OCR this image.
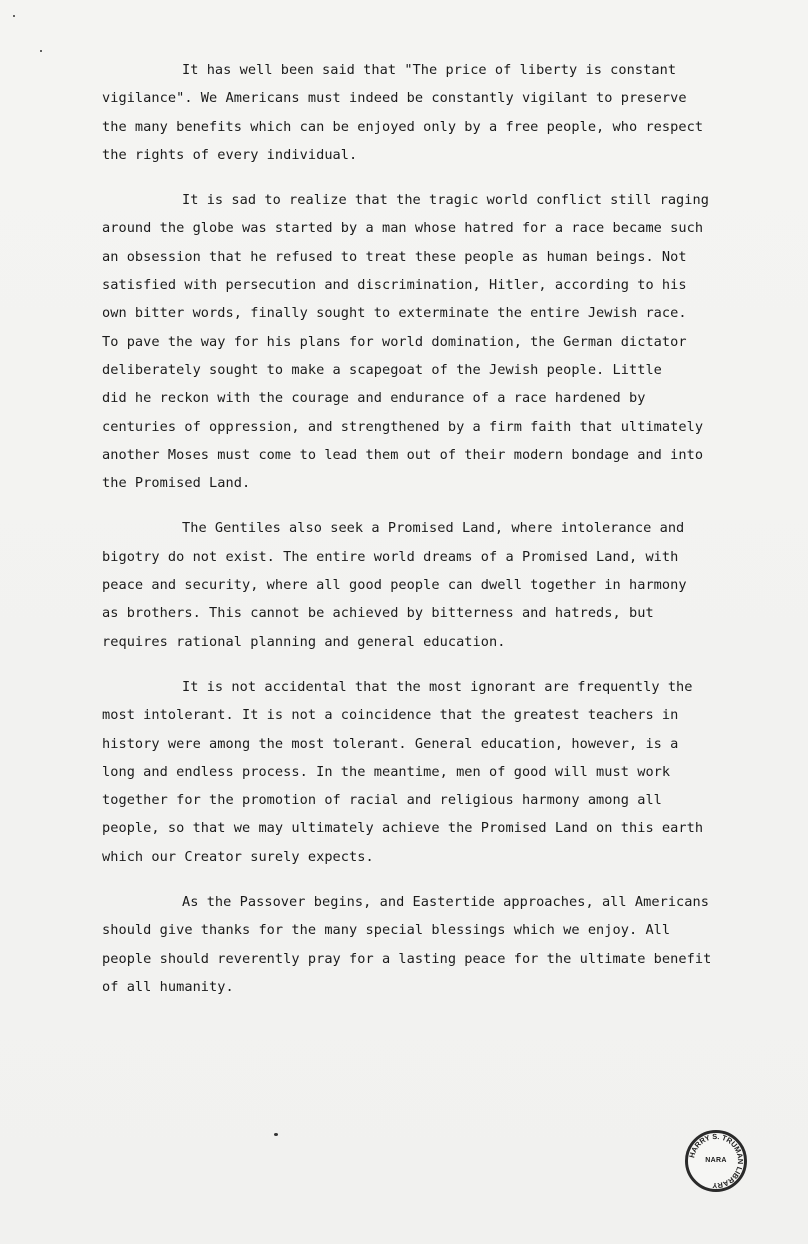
It has well been said that "The price of liberty is constant
vigilance". We Americans must indeed be constantly vigilant to preserve
the many benefits which can be enjoyed only by a free people, who respect
the rights of every individual.

It is sad to realize that the tragic world conflict still raging
around the globe was started by a man whose hatred for a race became such
an obsession that he refused to treat these people as human beings. Not
satisfied with persecution and discrimination, Hitler, according to his
own bitter words, finally sought to exterminate the entire Jewish race.
To pave the way for his plans for world domination, the German dictator
deliberately sought to make a scapegoat of the Jewish people. Little
did he reckon with the courage and endurance of a race hardened by
centuries of oppression, and strengthened by a firm faith that ultimately
another Moses must come to lead them out of their modern bondage and into
the Promised Land.

The Gentiles also seek a Promised Land, where intolerance and
bigotry do not exist. The entire world dreams of a Promised Land, with
peace and security, where all good people can dwell together in harmony
as brothers. This cannot be achieved by bitterness and hatreds, but
requires rational planning and general education.

It is not accidental that the most ignorant are frequently the
most intolerant. It is not a coincidence that the greatest teachers in
history were among the most tolerant. General education, however, is a
long and endless process. In the meantime, men of good will must work
together for the promotion of racial and religious harmony among all
people, so that we may ultimately achieve the Promised Land on this earth
which our Creator surely expects.

As the Passover begins, and Eastertide approaches, all Americans
should give thanks for the many special blessings which we enjoy. All
people should reverently pray for a lasting peace for the ultimate benefit
of all humanity.

HARRY S. TRUMAN LIBRARY
NARA
